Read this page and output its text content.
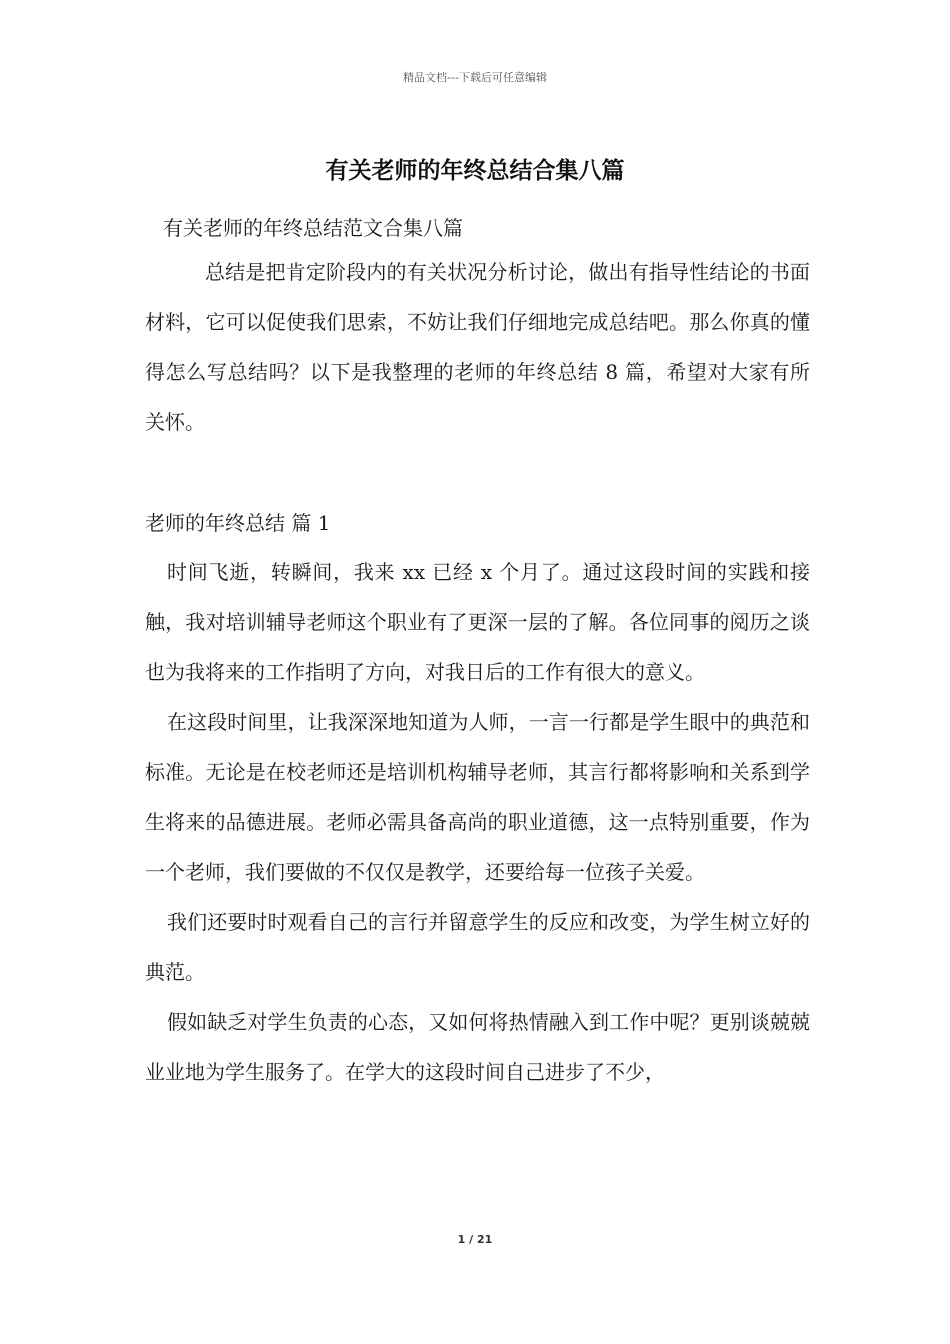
精品文档---下载后可任意编辑
有关老师的年终总结合集八篇
有关老师的年终总结范文合集八篇

总结是把肯定阶段内的有关状况分析讨论，做出有指导性结论的书面材料，它可以促使我们思索，不妨让我们仔细地完成总结吧。那么你真的懂得怎么写总结吗？以下是我整理的老师的年终总结 8 篇，希望对大家有所关怀。

老师的年终总结 篇 1

时间飞逝，转瞬间，我来 xx 已经 x 个月了。通过这段时间的实践和接触，我对培训辅导老师这个职业有了更深一层的了解。各位同事的阅历之谈也为我将来的工作指明了方向，对我日后的工作有很大的意义。

在这段时间里，让我深深地知道为人师，一言一行都是学生眼中的典范和标准。无论是在校老师还是培训机构辅导老师，其言行都将影响和关系到学生将来的品德进展。老师必需具备高尚的职业道德，这一点特别重要，作为一个老师，我们要做的不仅仅是教学，还要给每一位孩子关爱。

我们还要时时观看自己的言行并留意学生的反应和改变，为学生树立好的典范。

假如缺乏对学生负责的心态，又如何将热情融入到工作中呢？更别谈兢兢业业地为学生服务了。在学大的这段时间自己进步了不少，

1 / 21
